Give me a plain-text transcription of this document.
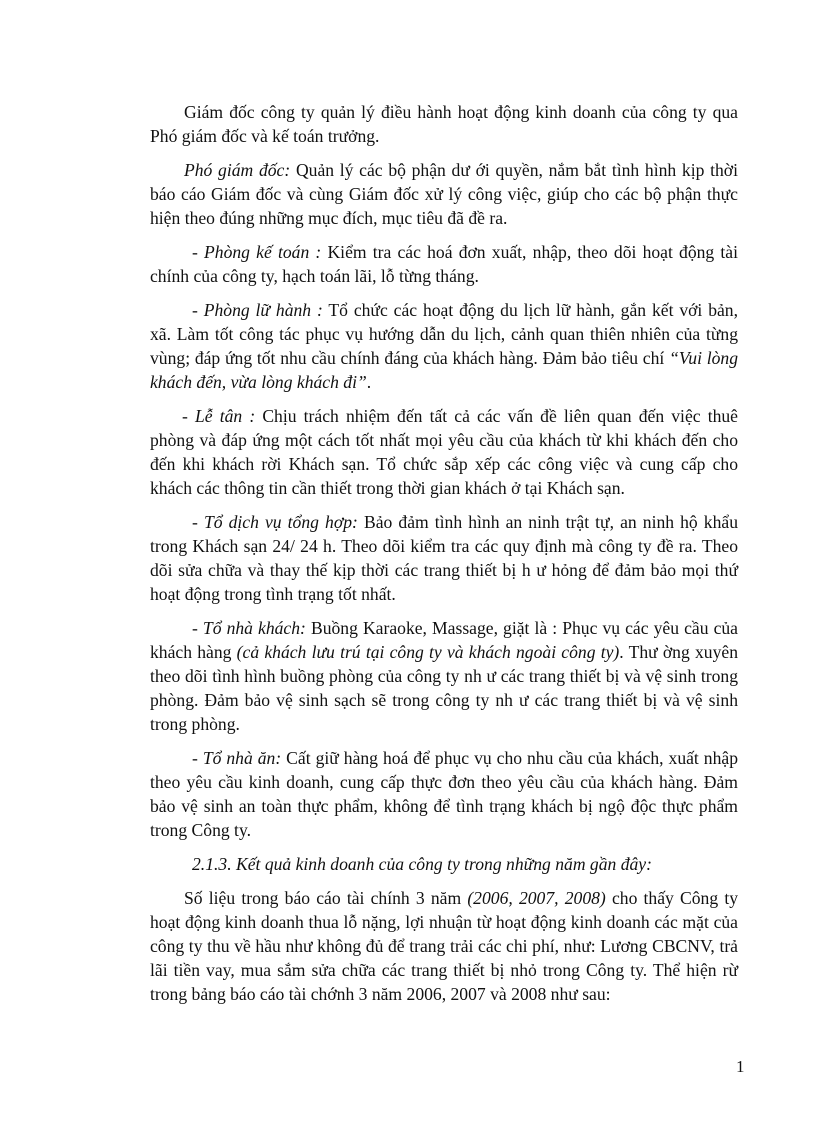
Giám đốc công ty quản lý điều hành hoạt động kinh doanh của công ty qua Phó giám đốc và kế toán trưởng.

Phó giám đốc: Quản lý các bộ phận dư ới quyền, nắm bắt tình hình kịp thời báo cáo Giám đốc và cùng Giám đốc xử lý công việc, giúp cho các bộ phận thực hiện theo đúng những mục đích, mục tiêu đã đề ra.

- Phòng kế toán : Kiểm tra các hoá đơn xuất, nhập, theo dõi hoạt động tài chính của công ty, hạch toán lãi, lỗ từng tháng.

- Phòng lữ hành : Tổ chức các hoạt động du lịch lữ hành, gắn kết với bản, xã. Làm tốt công tác phục vụ hướng dẫn du lịch, cảnh quan thiên nhiên của từng vùng; đáp ứng tốt nhu cầu chính đáng của khách hàng. Đảm bảo tiêu chí “Vui lòng khách đến, vừa lòng khách đi”.

- Lễ tân : Chịu trách nhiệm đến tất cả các vấn đề liên quan đến việc thuê phòng và đáp ứng một cách tốt nhất mọi yêu cầu của khách từ khi khách đến cho đến khi khách rời Khách sạn. Tổ chức sắp xếp các công việc và cung cấp cho khách các thông tin cần thiết trong thời gian khách ở tại Khách sạn.

- Tổ dịch vụ tổng hợp: Bảo đảm tình hình an ninh trật tự, an ninh hộ khẩu trong Khách sạn 24/ 24 h. Theo dõi kiểm tra các quy định mà công ty đề ra. Theo dõi sửa chữa và thay thế kịp thời các trang thiết bị h ư hỏng để đảm bảo mọi thứ hoạt động trong tình trạng tốt nhất.

- Tổ nhà khách: Buồng Karaoke, Massage, giặt là : Phục vụ các yêu cầu của khách hàng (cả khách lưu trú tại công ty và khách ngoài công ty). Thư ờng xuyên theo dõi tình hình buồng phòng của công ty nh ư các trang thiết bị và vệ sinh trong phòng. Đảm bảo vệ sinh sạch sẽ trong công ty nh ư các trang thiết bị và vệ sinh trong phòng.

- Tổ nhà ăn: Cất giữ hàng hoá để phục vụ cho nhu cầu của khách, xuất nhập theo yêu cầu kinh doanh, cung cấp thực đơn theo yêu cầu của khách hàng. Đảm bảo vệ sinh an toàn thực phẩm, không để tình trạng khách bị ngộ độc thực phẩm trong Công ty.

2.1.3. Kết quả kinh doanh của công ty trong những năm gần đây:

Số liệu trong báo cáo tài chính 3 năm (2006, 2007, 2008) cho thấy Công ty hoạt động kinh doanh thua lỗ nặng, lợi nhuận từ hoạt động kinh doanh các mặt của công ty thu về hầu như không đủ để trang trải các chi phí, như: Lương CBCNV, trả lãi tiền vay, mua sắm sửa chữa các trang thiết bị nhỏ trong Công ty. Thể hiện rừ trong bảng báo cáo tài chớnh 3 năm 2006, 2007 và 2008 như sau:

1
